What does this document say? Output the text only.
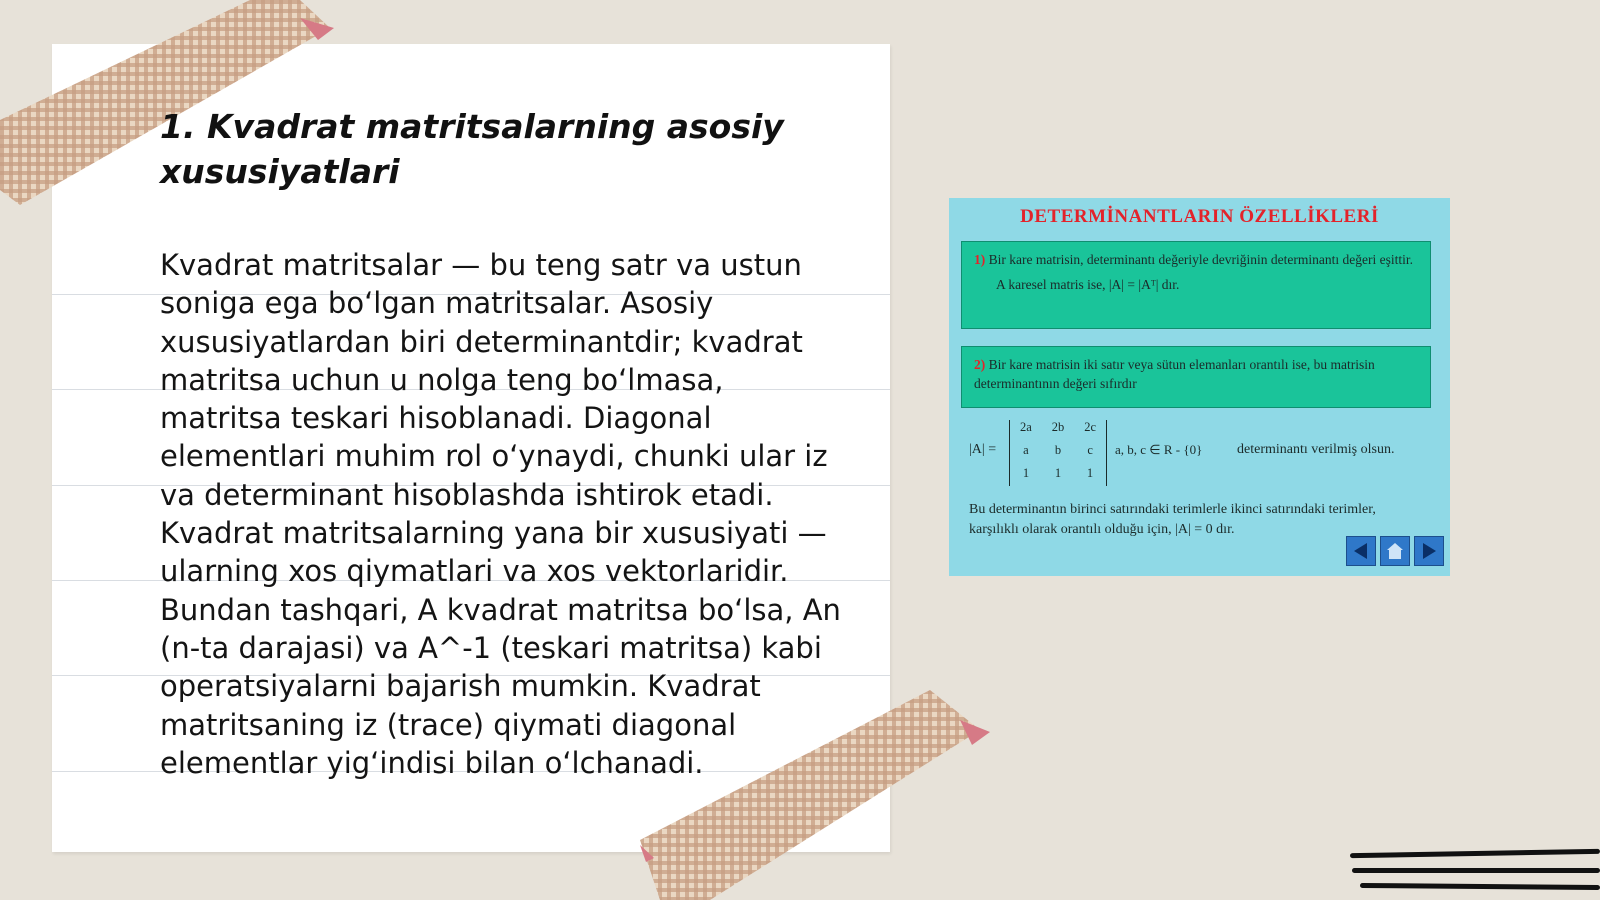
1. Kvadrat matritsalarning asosiy xususiyatlari
Kvadrat matritsalar — bu teng satr va ustun soniga ega bo‘lgan matritsalar. Asosiy xususiyatlardan biri determinantdir; kvadrat matritsa uchun u nolga teng bo‘lmasa, matritsa teskari hisoblanadi. Diagonal elementlari muhim rol o‘ynaydi, chunki ular iz va determinant hisoblashda ishtirok etadi. Kvadrat matritsalarning yana bir xususiyati — ularning xos qiymatlari va xos vektorlaridir. Bundan tashqari, A kvadrat matritsa bo‘lsa, An (n-ta darajasi) va A^-1 (teskari matritsa) kabi operatsiyalarni bajarish mumkin. Kvadrat matritsaning iz (trace) qiymati diagonal elementlar yig‘indisi bilan o‘lchanadi.
DETERMİNANTLARIN ÖZELLİKLERİ
1) Bir kare matrisin, determinantı değeriyle devriğinin determinantı değeri eşittir.
A karesel matris ise, |A| = |Aᵀ| dır.
2) Bir kare matrisin iki satır veya sütun elemanları orantılı ise, bu matrisin determinantının değeri sıfırdır
|A| =
2a 2b 2c
a b c
1 1 1
a, b, c ∈ R - {0} determinantı verilmiş olsun.
Bu determinantın birinci satırındaki terimlerle ikinci satırındaki terimler, karşılıklı olarak orantılı olduğu için, |A| = 0 dır.
